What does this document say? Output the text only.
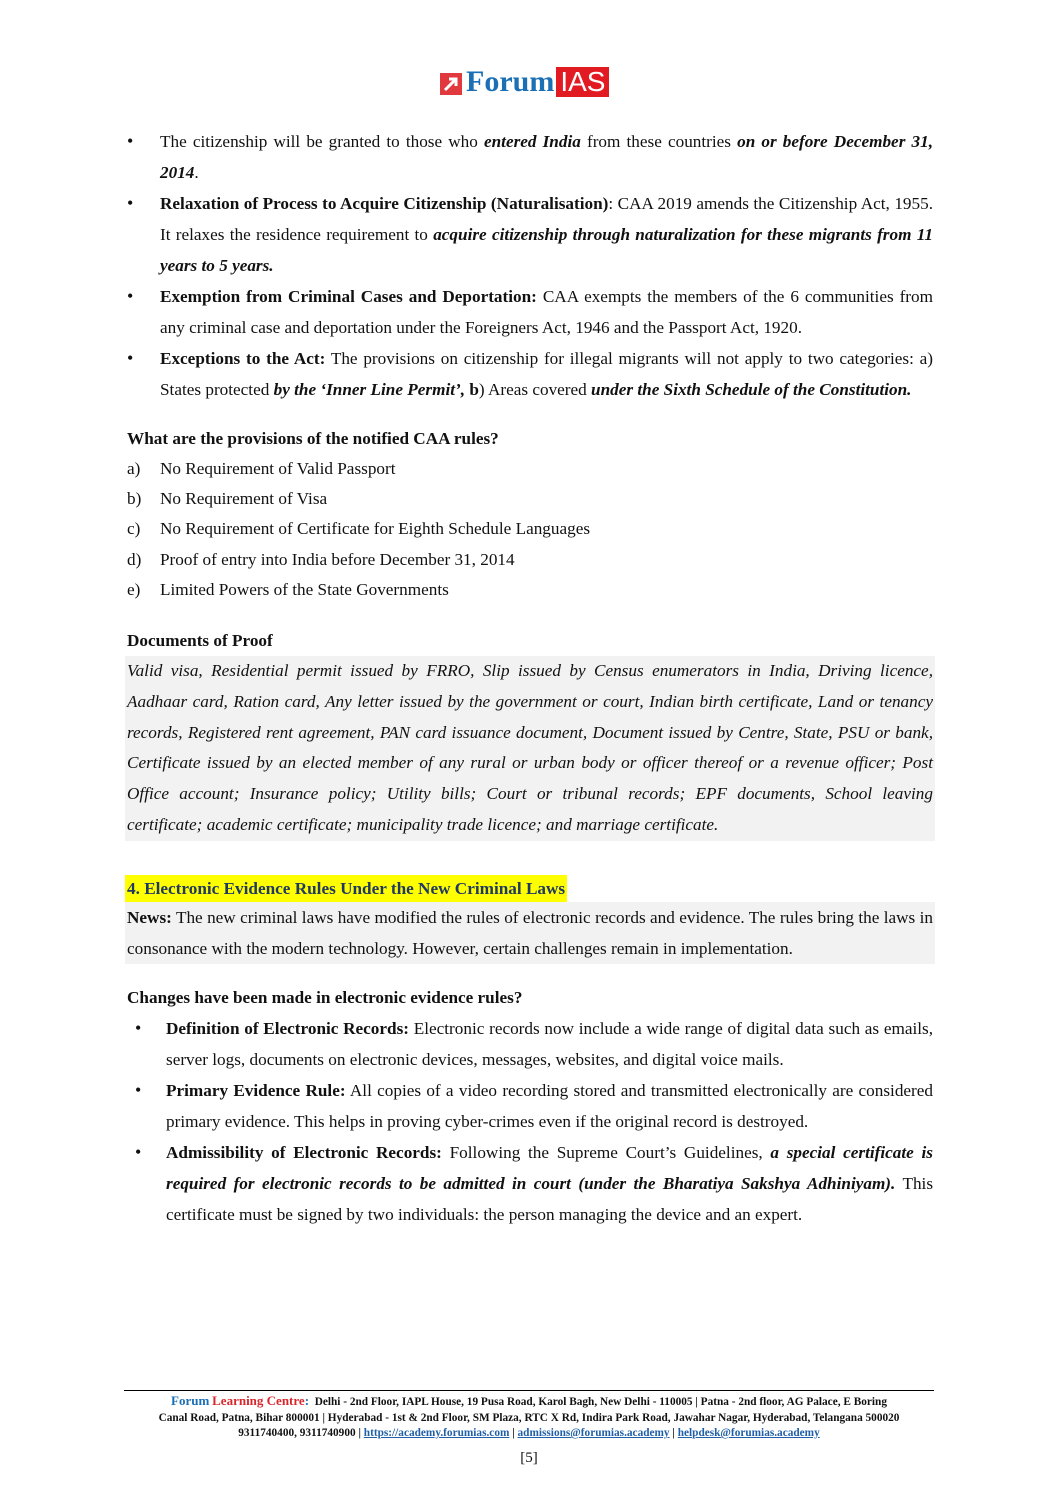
Forum IAS
•
The citizenship will be granted to those who entered India from these countries on or before December 31, 2014.
•
Relaxation of Process to Acquire Citizenship (Naturalisation): CAA 2019 amends the Citizenship Act, 1955. It relaxes the residence requirement to acquire citizenship through naturalization for these migrants from 11 years to 5 years.
•
Exemption from Criminal Cases and Deportation: CAA exempts the members of the 6 communities from any criminal case and deportation under the Foreigners Act, 1946 and the Passport Act, 1920.
•
Exceptions to the Act: The provisions on citizenship for illegal migrants will not apply to two categories: a) States protected by the ‘Inner Line Permit’, b) Areas covered under the Sixth Schedule of the Constitution.
What are the provisions of the notified CAA rules?
a) No Requirement of Valid Passport
b) No Requirement of Visa
c) No Requirement of Certificate for Eighth Schedule Languages
d) Proof of entry into India before December 31, 2014
e) Limited Powers of the State Governments
Documents of Proof
Valid visa, Residential permit issued by FRRO, Slip issued by Census enumerators in India, Driving licence, Aadhaar card, Ration card, Any letter issued by the government or court, Indian birth certificate, Land or tenancy records, Registered rent agreement, PAN card issuance document, Document issued by Centre, State, PSU or bank, Certificate issued by an elected member of any rural or urban body or officer thereof or a revenue officer; Post Office account; Insurance policy; Utility bills; Court or tribunal records; EPF documents, School leaving certificate; academic certificate; municipality trade licence; and marriage certificate.
4. Electronic Evidence Rules Under the New Criminal Laws
News: The new criminal laws have modified the rules of electronic records and evidence. The rules bring the laws in consonance with the modern technology. However, certain challenges remain in implementation.
Changes have been made in electronic evidence rules?
•
Definition of Electronic Records: Electronic records now include a wide range of digital data such as emails, server logs, documents on electronic devices, messages, websites, and digital voice mails.
•
Primary Evidence Rule: All copies of a video recording stored and transmitted electronically are considered primary evidence. This helps in proving cyber-crimes even if the original record is destroyed.
•
Admissibility of Electronic Records: Following the Supreme Court’s Guidelines, a special certificate is required for electronic records to be admitted in court (under the Bharatiya Sakshya Adhiniyam). This certificate must be signed by two individuals: the person managing the device and an expert.
Forum Learning Centre: Delhi - 2nd Floor, IAPL House, 19 Pusa Road, Karol Bagh, New Delhi - 110005 | Patna - 2nd floor, AG Palace, E Boring
Canal Road, Patna, Bihar 800001 | Hyderabad - 1st & 2nd Floor, SM Plaza, RTC X Rd, Indira Park Road, Jawahar Nagar, Hyderabad, Telangana 500020
9311740400, 9311740900 | https://academy.forumias.com | admissions@forumias.academy | helpdesk@forumias.academy
[5]
